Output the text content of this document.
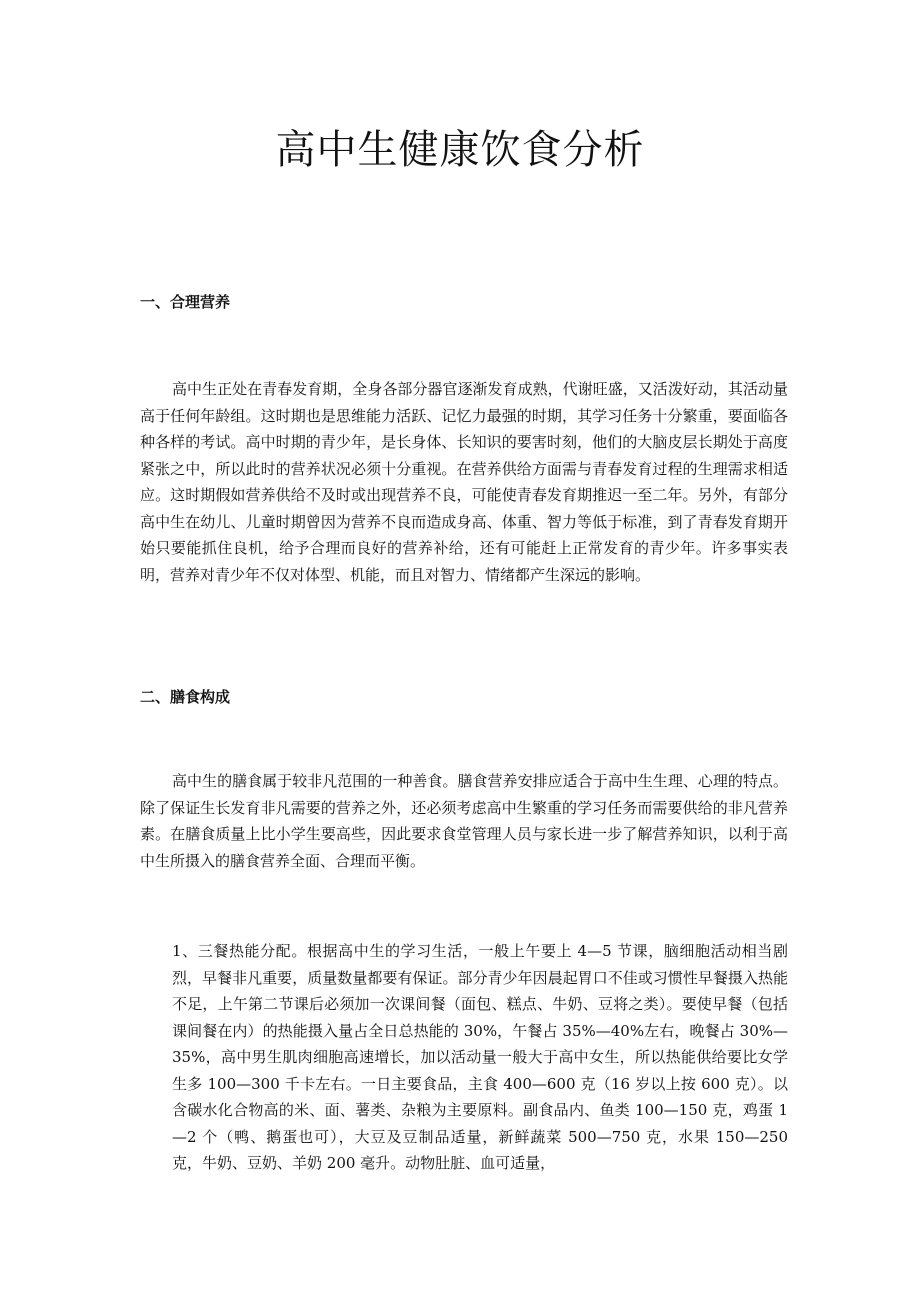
高中生健康饮食分析
一、合理营养

高中生正处在青春发育期，全身各部分器官逐渐发育成熟，代谢旺盛，又活泼好动，其活动量高于任何年龄组。这时期也是思维能力活跃、记忆力最强的时期，其学习任务十分繁重，要面临各种各样的考试。高中时期的青少年，是长身体、长知识的要害时刻，他们的大脑皮层长期处于高度紧张之中，所以此时的营养状况必须十分重视。在营养供给方面需与青春发育过程的生理需求相适应。这时期假如营养供给不及时或出现营养不良，可能使青春发育期推迟一至二年。另外，有部分高中生在幼儿、儿童时期曾因为营养不良而造成身高、体重、智力等低于标准，到了青春发育期开始只要能抓住良机，给予合理而良好的营养补给，还有可能赶上正常发育的青少年。许多事实表明，营养对青少年不仅对体型、机能，而且对智力、情绪都产生深远的影响。

二、膳食构成

高中生的膳食属于较非凡范围的一种善食。膳食营养安排应适合于高中生生理、心理的特点。除了保证生长发育非凡需要的营养之外，还必须考虑高中生繁重的学习任务而需要供给的非凡营养素。在膳食质量上比小学生要高些，因此要求食堂管理人员与家长进一步了解营养知识，以利于高中生所摄入的膳食营养全面、合理而平衡。

1、三餐热能分配。根据高中生的学习生活，一般上午要上 4—5 节课，脑细胞活动相当剧烈，早餐非凡重要，质量数量都要有保证。部分青少年因晨起胃口不佳或习惯性早餐摄入热能不足，上午第二节课后必须加一次课间餐（面包、糕点、牛奶、豆将之类）。要使早餐（包括课间餐在内）的热能摄入量占全日总热能的 30%，午餐占 35%—40%左右，晚餐占 30%—35%，高中男生肌肉细胞高速增长，加以活动量一般大于高中女生，所以热能供给要比女学生多 100—300 千卡左右。一日主要食品，主食 400—600 克（16 岁以上按 600 克）。以含碳水化合物高的米、面、薯类、杂粮为主要原料。副食品内、鱼类 100—150 克，鸡蛋 1—2 个（鸭、鹅蛋也可），大豆及豆制品适量，新鲜蔬菜 500—750 克，水果 150—250 克，牛奶、豆奶、羊奶 200 毫升。动物肚脏、血可适量，
